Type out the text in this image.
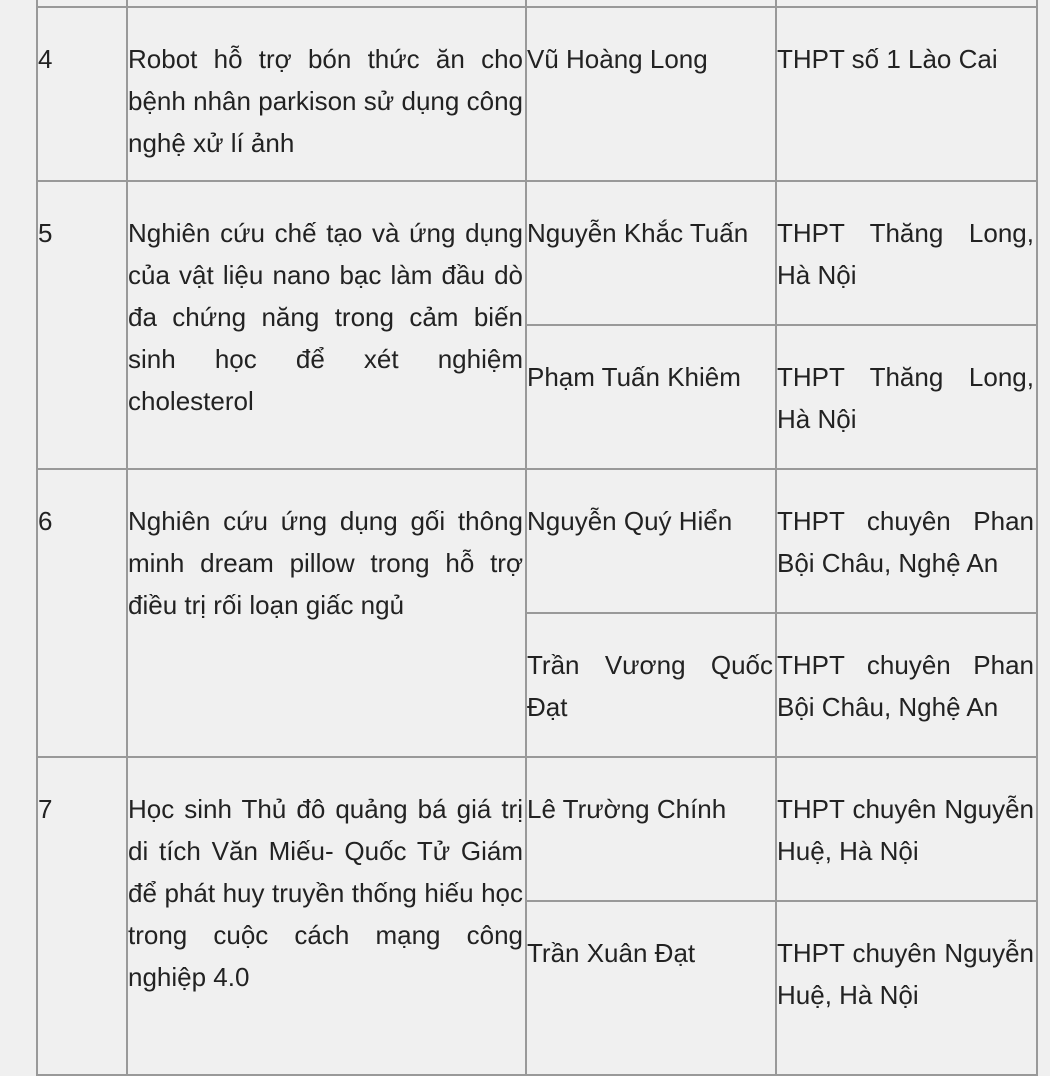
4	Robot hỗ trợ bón thức ăn cho bệnh nhân parkison sử dụng công nghệ xử lí ảnh	Vũ Hoàng Long	THPT số 1 Lào Cai
5	Nghiên cứu chế tạo và ứng dụng của vật liệu nano bạc làm đầu dò đa chứng năng trong cảm biến sinh học để xét nghiệm cholesterol	Nguyễn Khắc Tuấn	THPT Thăng Long, Hà Nội
		Phạm Tuấn Khiêm	THPT Thăng Long, Hà Nội
6	Nghiên cứu ứng dụng gối thông minh dream pillow trong hỗ trợ điều trị rối loạn giấc ngủ	Nguyễn Quý Hiển	THPT chuyên Phan Bội Châu, Nghệ An
		Trần Vương Quốc Đạt	THPT chuyên Phan Bội Châu, Nghệ An
7	Học sinh Thủ đô quảng bá giá trị di tích Văn Miếu- Quốc Tử Giám để phát huy truyền thống hiếu học trong cuộc cách mạng công nghiệp 4.0	Lê Trường Chính	THPT chuyên Nguyễn Huệ, Hà Nội
		Trần Xuân Đạt	THPT chuyên Nguyễn Huệ, Hà Nội
